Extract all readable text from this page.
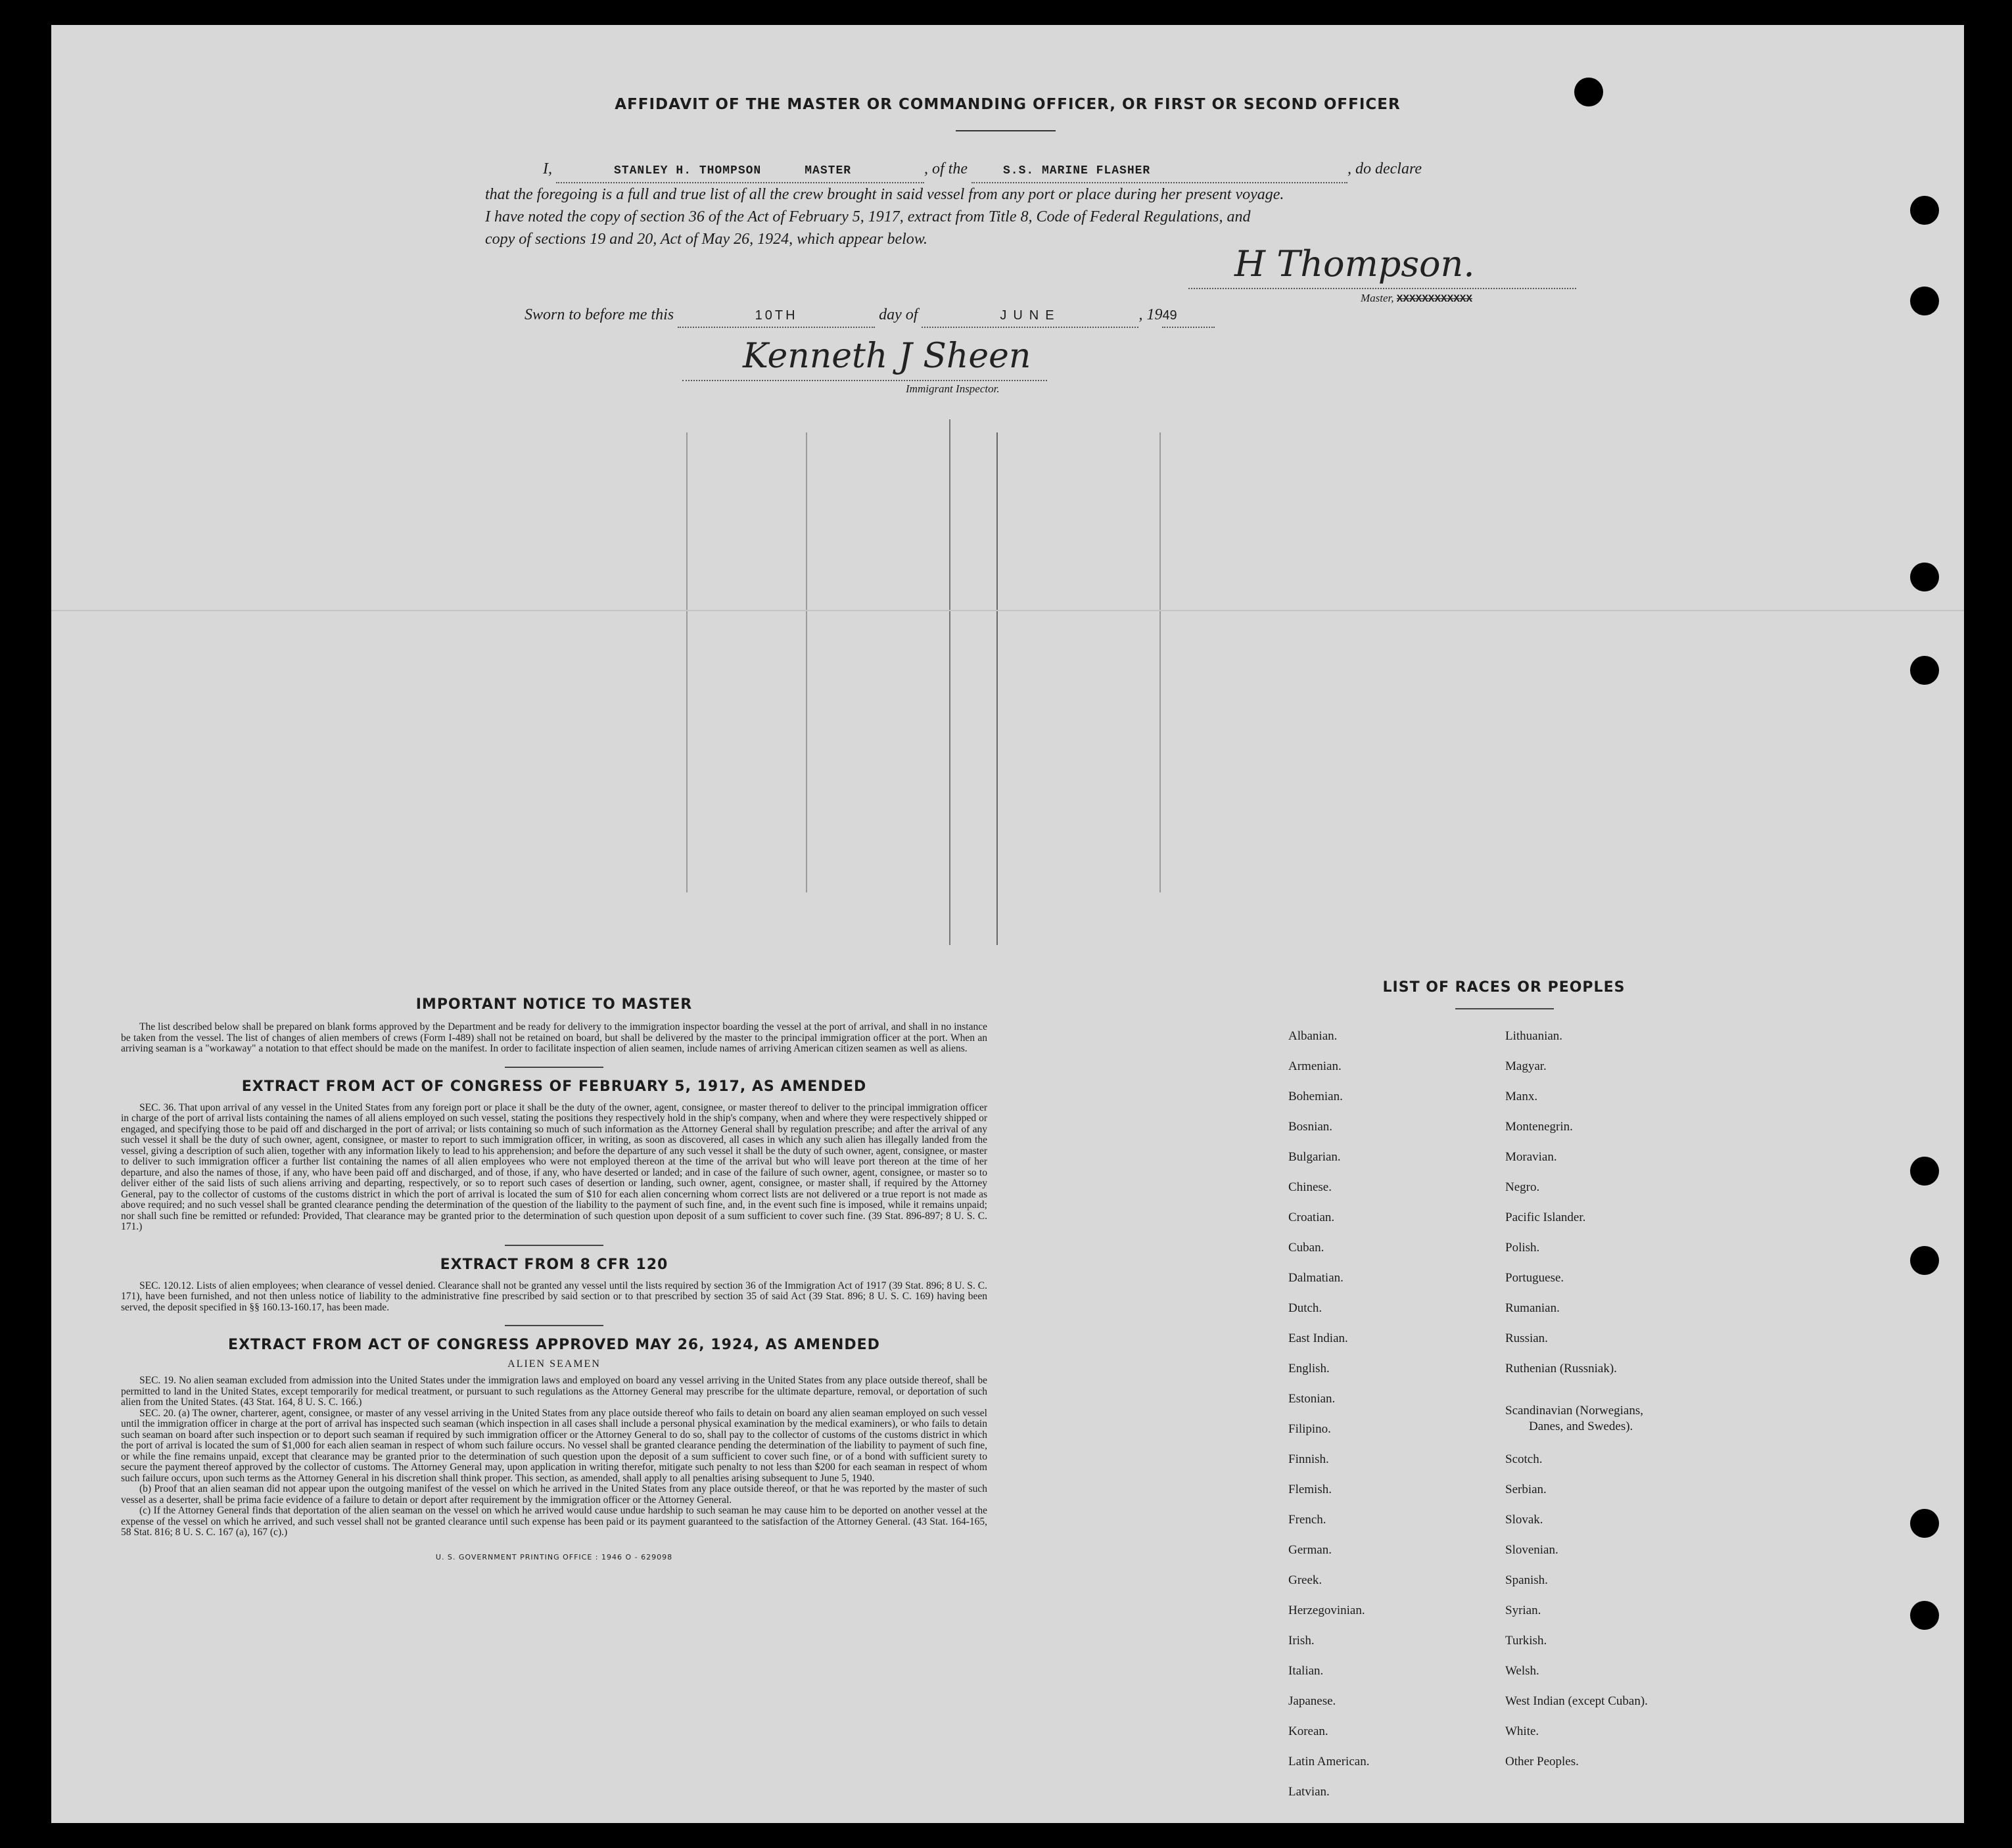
AFFIDAVIT OF THE MASTER OR COMMANDING OFFICER, OR FIRST OR SECOND OFFICER
I,	STANLEY H. THOMPSON	MASTER	, of the	S.S. MARINE FLASHER	, do declare
that the foregoing is a full and true list of all the crew brought in said vessel from any port or place during her present voyage.
I have noted the copy of section 36 of the Act of February 5, 1917, extract from Title 8, Code of Federal Regulations, and
copy of sections 19 and 20, Act of May 26, 1924, which appear below.
H Thompson.
Master, XXXXXXXXXXXX
Sworn to before me this	10TH	day of	JUNE	, 1949
Kenneth J Sheen
Immigrant Inspector.
IMPORTANT NOTICE TO MASTER

The list described below shall be prepared on blank forms approved by the Department and be ready for delivery to the immigration inspector boarding the vessel at the port of arrival, and shall in no instance be taken from the vessel. The list of changes of alien members of crews (Form I-489) shall not be retained on board, but shall be delivered by the master to the principal immigration officer at the port. When an arriving seaman is a "workaway" a notation to that effect should be made on the manifest. In order to facilitate inspection of alien seamen, include names of arriving American citizen seamen as well as aliens.

EXTRACT FROM ACT OF CONGRESS OF FEBRUARY 5, 1917, AS AMENDED

SEC. 36. That upon arrival of any vessel in the United States from any foreign port or place it shall be the duty of the owner, agent, consignee, or master thereof to deliver to the principal immigration officer in charge of the port of arrival lists containing the names of all aliens employed on such vessel, stating the positions they respectively hold in the ship's company, when and where they were respectively shipped or engaged, and specifying those to be paid off and discharged in the port of arrival; or lists containing so much of such information as the Attorney General shall by regulation prescribe; and after the arrival of any such vessel it shall be the duty of such owner, agent, consignee, or master to report to such immigration officer, in writing, as soon as discovered, all cases in which any such alien has illegally landed from the vessel, giving a description of such alien, together with any information likely to lead to his apprehension; and before the departure of any such vessel it shall be the duty of such owner, agent, consignee, or master to deliver to such immigration officer a further list containing the names of all alien employees who were not employed thereon at the time of the arrival but who will leave port thereon at the time of her departure, and also the names of those, if any, who have been paid off and discharged, and of those, if any, who have deserted or landed; and in case of the failure of such owner, agent, consignee, or master so to deliver either of the said lists of such aliens arriving and departing, respectively, or so to report such cases of desertion or landing, such owner, agent, consignee, or master shall, if required by the Attorney General, pay to the collector of customs of the customs district in which the port of arrival is located the sum of $10 for each alien concerning whom correct lists are not delivered or a true report is not made as above required; and no such vessel shall be granted clearance pending the determination of the question of the liability to the payment of such fine, and, in the event such fine is imposed, while it remains unpaid; nor shall such fine be remitted or refunded: Provided, That clearance may be granted prior to the determination of such question upon deposit of a sum sufficient to cover such fine. (39 Stat. 896-897; 8 U. S. C. 171.)

EXTRACT FROM 8 CFR 120

SEC. 120.12. Lists of alien employees; when clearance of vessel denied. Clearance shall not be granted any vessel until the lists required by section 36 of the Immigration Act of 1917 (39 Stat. 896; 8 U. S. C. 171), have been furnished, and not then unless notice of liability to the administrative fine prescribed by said section or to that prescribed by section 35 of said Act (39 Stat. 896; 8 U. S. C. 169) having been served, the deposit specified in §§ 160.13-160.17, has been made.

EXTRACT FROM ACT OF CONGRESS APPROVED MAY 26, 1924, AS AMENDED
ALIEN SEAMEN

SEC. 19. No alien seaman excluded from admission into the United States under the immigration laws and employed on board any vessel arriving in the United States from any place outside thereof, shall be permitted to land in the United States, except temporarily for medical treatment, or pursuant to such regulations as the Attorney General may prescribe for the ultimate departure, removal, or deportation of such alien from the United States. (43 Stat. 164, 8 U. S. C. 166.)

SEC. 20. (a) The owner, charterer, agent, consignee, or master of any vessel arriving in the United States from any place outside thereof who fails to detain on board any alien seaman employed on such vessel until the immigration officer in charge at the port of arrival has inspected such seaman (which inspection in all cases shall include a personal physical examination by the medical examiners), or who fails to detain such seaman on board after such inspection or to deport such seaman if required by such immigration officer or the Attorney General to do so, shall pay to the collector of customs of the customs district in which the port of arrival is located the sum of $1,000 for each alien seaman in respect of whom such failure occurs. No vessel shall be granted clearance pending the determination of the liability to payment of such fine, or while the fine remains unpaid, except that clearance may be granted prior to the determination of such question upon the deposit of a sum sufficient to cover such fine, or of a bond with sufficient surety to secure the payment thereof approved by the collector of customs. The Attorney General may, upon application in writing therefor, mitigate such penalty to not less than $200 for each seaman in respect of whom such failure occurs, upon such terms as the Attorney General in his discretion shall think proper. This section, as amended, shall apply to all penalties arising subsequent to June 5, 1940.

(b) Proof that an alien seaman did not appear upon the outgoing manifest of the vessel on which he arrived in the United States from any place outside thereof, or that he was reported by the master of such vessel as a deserter, shall be prima facie evidence of a failure to detain or deport after requirement by the immigration officer or the Attorney General.

(c) If the Attorney General finds that deportation of the alien seaman on the vessel on which he arrived would cause undue hardship to such seaman he may cause him to be deported on another vessel at the expense of the vessel on which he arrived, and such vessel shall not be granted clearance until such expense has been paid or its payment guaranteed to the satisfaction of the Attorney General. (43 Stat. 164-165, 58 Stat. 816; 8 U. S. C. 167 (a), 167 (c).)

U. S. GOVERNMENT PRINTING OFFICE : 1946 O - 629098
LIST OF RACES OR PEOPLES
Albanian.
Armenian.
Bohemian.
Bosnian.
Bulgarian.
Chinese.
Croatian.
Cuban.
Dalmatian.
Dutch.
East Indian.
English.
Estonian.
Filipino.
Finnish.
Flemish.
French.
German.
Greek.
Herzegovinian.
Irish.
Italian.
Japanese.
Korean.
Latin American.
Latvian.
Lithuanian.
Magyar.
Manx.
Montenegrin.
Moravian.
Negro.
Pacific Islander.
Polish.
Portuguese.
Rumanian.
Russian.
Ruthenian (Russniak).
Scandinavian (Norwegians,
Danes, and Swedes).
Scotch.
Serbian.
Slovak.
Slovenian.
Spanish.
Syrian.
Turkish.
Welsh.
West Indian (except Cuban).
White.
Other Peoples.
